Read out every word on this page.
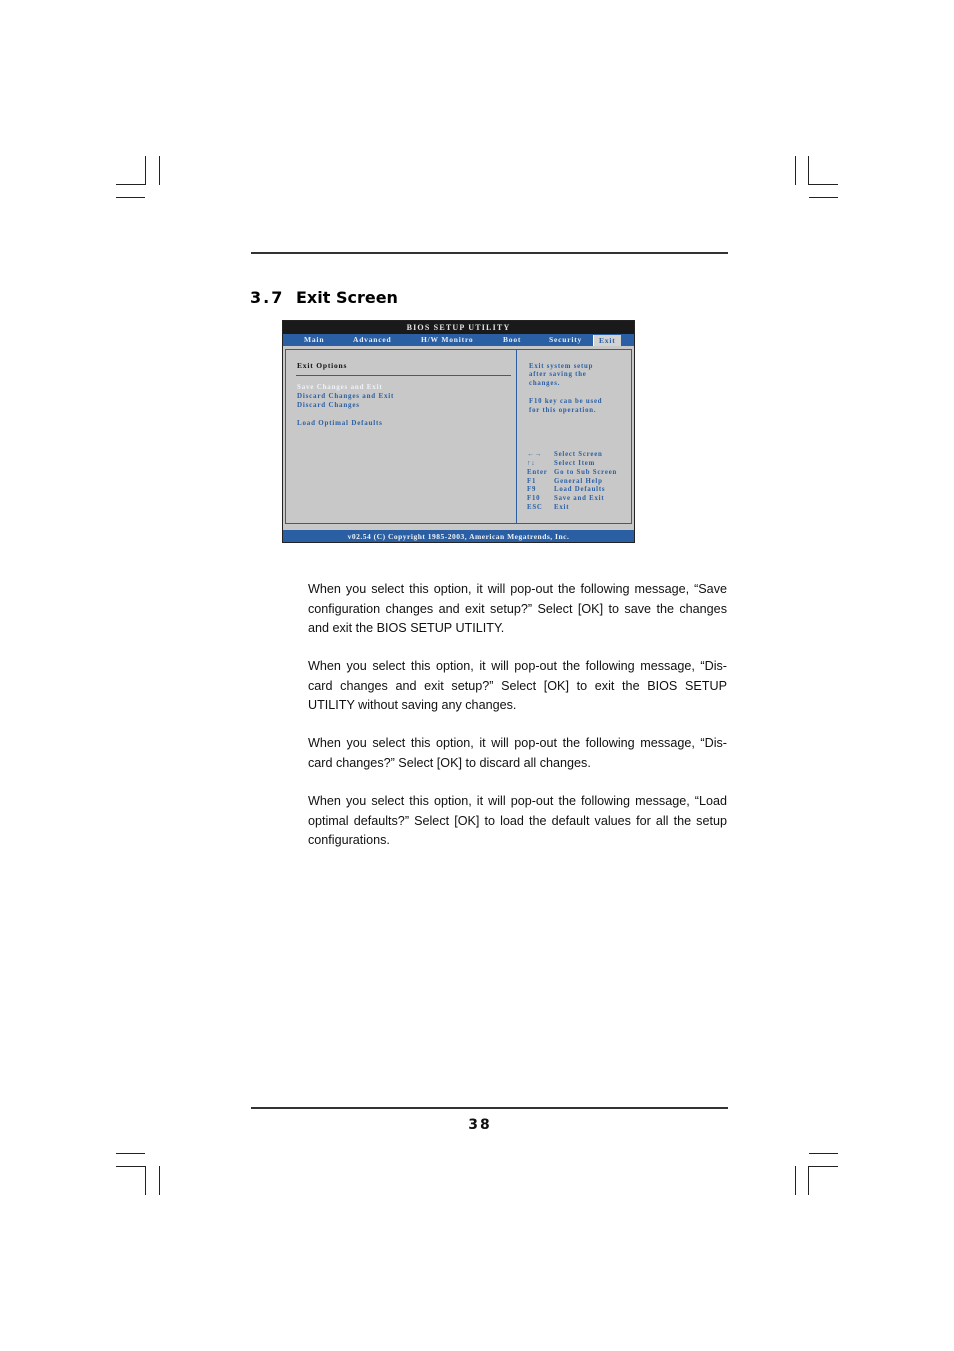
3.7 Exit Screen
BIOS SETUP UTILITY
Main	Advanced	H/W Monitro	Boot	Security	Exit
Exit Options
Save Changes and Exit
Discard Changes and Exit
Discard Changes
Load Optimal Defaults
Exit system setup
after saving the
changes.
F10 key can be used
for this operation.
←→ Select Screen
↑↓	Select Item
Enter Go to Sub Screen
F1	General Help
F9	Load Defaults
F10 Save and Exit
ESC Exit
v02.54 (C) Copyright 1985-2003, American Megatrends, Inc.

When you select this option, it will pop-out the following message, “Save configuration changes and exit setup?” Select [OK] to save the changes and exit the BIOS SETUP UTILITY.

When you select this option, it will pop-out the following message, “Dis-card changes and exit setup?” Select [OK] to exit the BIOS SETUP UTILITY without saving any changes.

When you select this option, it will pop-out the following message, “Dis-card changes?” Select [OK] to discard all changes.

When you select this option, it will pop-out the following message, “Load optimal defaults?” Select [OK] to load the default values for all the setup configurations.

38
